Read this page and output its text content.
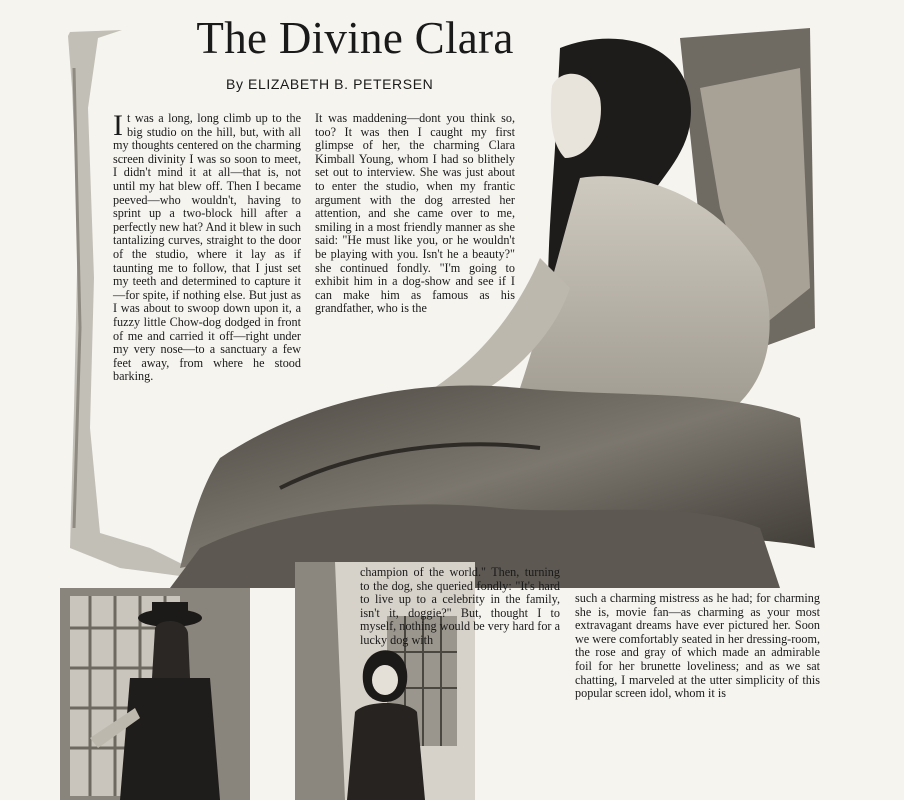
The Divine Clara
By ELIZABETH B. PETERSEN
I t was a long, long climb up to the big studio on the hill, but, with all my thoughts centered on the charming screen divinity I was so soon to meet, I didn't mind it at all—that is, not until my hat blew off. Then I became peeved—who wouldn't, having to sprint up a two-block hill after a perfectly new hat? And it blew in such tantalizing curves, straight to the door of the studio, where it lay as if taunting me to follow, that I just set my teeth and determined to capture it—for spite, if nothing else. But just as I was about to swoop down upon it, a fuzzy little Chow-dog dodged in front of me and carried it off—right under my very nose—to a sanctuary a few feet away, from where he stood barking.

It was maddening—dont you think so, too? It was then I caught my first glimpse of her, the charming Clara Kimball Young, whom I had so blithely set out to interview. She was just about to enter the studio, when my frantic argument with the dog arrested her attention, and she came over to me, smiling in a most friendly manner as she said: "He must like you, or he wouldn't be playing with you. Isn't he a beauty?" she continued fondly. "I'm going to exhibit him in a dog-show and see if I can make him as famous as his grandfather, who is the

champion of the world." Then, turning to the dog, she queried fondly: "It's hard to live up to a celebrity in the family, isn't it, doggie?" But, thought I to myself, nothing would be very hard for a lucky dog with

such a charming mistress as he had; for charming she is, movie fan—as charming as your most extravagant dreams have ever pictured her. Soon we were comfortably seated in her dressing-room, the rose and gray of which made an admirable foil for her brunette loveliness; and as we sat chatting, I marveled at the utter simplicity of this popular screen idol, whom it is
